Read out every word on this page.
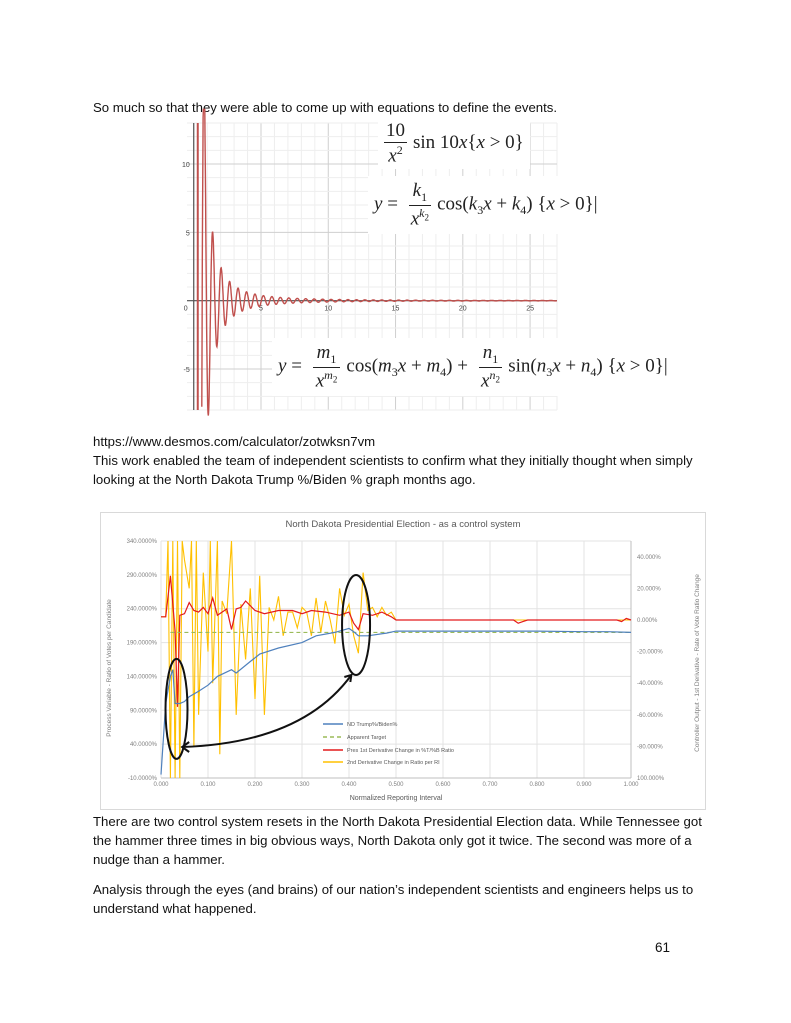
So much so that they were able to come up with equations to define the events.
0	5	10	15	20	25
10
5
-5
$\frac{10}{x^2}$ sin 10x{x > 0}
$y = \frac{k_1}{x^{k_2}} \cos(k_3x + k_4) \{x > 0\}|$
$y = \frac{m_1}{x^{m_2}} \cos(m_3x + m_4) + \frac{n_1}{x^{n_2}} \sin(n_3x + n_4) \{x > 0\}|$
https://www.desmos.com/calculator/zotwksn7vm
This work enabled the team of independent scientists to confirm what they initially thought when simply looking at the North Dakota Trump %/Biden % graph months ago.
North Dakota Presidential Election - as a control system
Normalized Reporting Interval
Process Variable - Ratio of Votes per Candidate	Controller Output - 1st Derivative - Rate of Vote Ratio Change
0.000	0.100	0.200	0.300	0.400	0.500	0.600	0.700	0.800	0.900	1.000
340.0000%
290.0000%
240.0000%
190.0000%
140.0000%
90.0000%
40.0000%
-10.0000%
40.000%
20.000%
0.000%
-20.000%
-40.000%
-60.000%
-80.000%
100.000%
ND Trump%/Biden%
Apparent Target
Pres 1st Derivative Change in %T/%B Ratio
2nd Derivative Change in Ratio per RI
There are two control system resets in the North Dakota Presidential Election data. While Tennessee got the hammer three times in big obvious ways, North Dakota only got it twice. The second was more of a nudge than a hammer.
Analysis through the eyes (and brains) of our nation’s independent scientists and engineers helps us to understand what happened.
61
